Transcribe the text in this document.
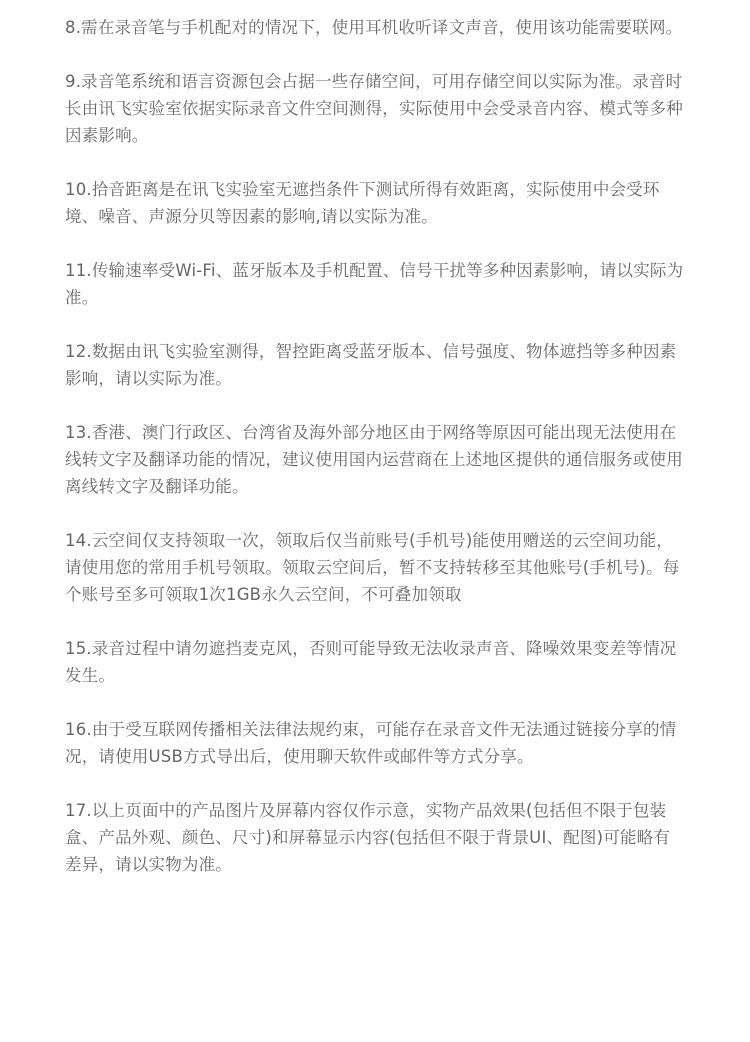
8.需在录音笔与手机配对的情况下，使用耳机收听译文声音，使用该功能需要联网。

9.录音笔系统和语言资源包会占据一些存储空间，可用存储空间以实际为准。录音时长由讯飞实验室依据实际录音文件空间测得，实际使用中会受录音内容、模式等多种因素影响。

10.拾音距离是在讯飞实验室无遮挡条件下测试所得有效距离，实际使用中会受环境、噪音、声源分贝等因素的影响,请以实际为准。

11.传输速率受Wi-Fi、蓝牙版本及手机配置、信号干扰等多种因素影响，请以实际为准。

12.数据由讯飞实验室测得，智控距离受蓝牙版本、信号强度、物体遮挡等多种因素影响，请以实际为准。

13.香港、澳门行政区、台湾省及海外部分地区由于网络等原因可能出现无法使用在线转文字及翻译功能的情况，建议使用国内运营商在上述地区提供的通信服务或使用离线转文字及翻译功能。

14.云空间仅支持领取一次，领取后仅当前账号(手机号)能使用赠送的云空间功能，请使用您的常用手机号领取。领取云空间后，暂不支持转移至其他账号(手机号)。每个账号至多可领取1次1GB永久云空间，不可叠加领取

15.录音过程中请勿遮挡麦克风，否则可能导致无法收录声音、降噪效果变差等情况发生。

16.由于受互联网传播相关法律法规约束，可能存在录音文件无法通过链接分享的情况，请使用USB方式导出后，使用聊天软件或邮件等方式分享。

17.以上页面中的产品图片及屏幕内容仅作示意，实物产品效果(包括但不限于包装盒、产品外观、颜色、尺寸)和屏幕显示内容(包括但不限于背景UI、配图)可能略有差异，请以实物为准。
